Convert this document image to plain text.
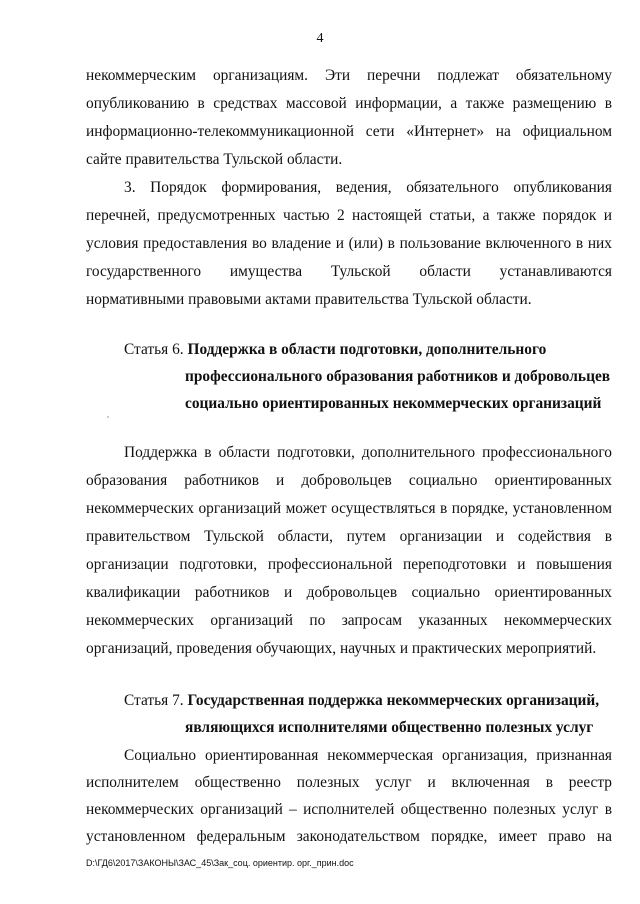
4
некоммерческим организациям. Эти перечни подлежат обязательному
опубликованию в средствах массовой информации, а также размещению в
информационно-телекоммуникационной сети «Интернет» на официальном
сайте правительства Тульской области.
3. Порядок формирования, ведения, обязательного опубликования
перечней, предусмотренных частью 2 настоящей статьи, а также порядок и
условия предоставления во владение и (или) в пользование включенного в них
государственного имущества Тульской области устанавливаются
нормативными правовыми актами правительства Тульской области.
Статья 6. Поддержка в области подготовки, дополнительного
профессионального образования работников и добровольцев
социально ориентированных некоммерческих организаций
Поддержка в области подготовки, дополнительного профессионального
образования работников и добровольцев социально ориентированных
некоммерческих организаций может осуществляться в порядке, установленном
правительством Тульской области, путем организации и содействия в
организации подготовки, профессиональной переподготовки и повышения
квалификации работников и добровольцев социально ориентированных
некоммерческих организаций по запросам указанных некоммерческих
организаций, проведения обучающих, научных и практических мероприятий.
Статья 7. Государственная поддержка некоммерческих организаций,
являющихся исполнителями общественно полезных услуг
Социально ориентированная некоммерческая организация, признанная
исполнителем общественно полезных услуг и включенная в реестр
некоммерческих организаций – исполнителей общественно полезных услуг в
установленном федеральным законодательством порядке, имеет право на
D:\ГД6\2017\ЗАКОНЫ\ЗАС_45\Зак_соц. ориентир. орг._прин.doc
